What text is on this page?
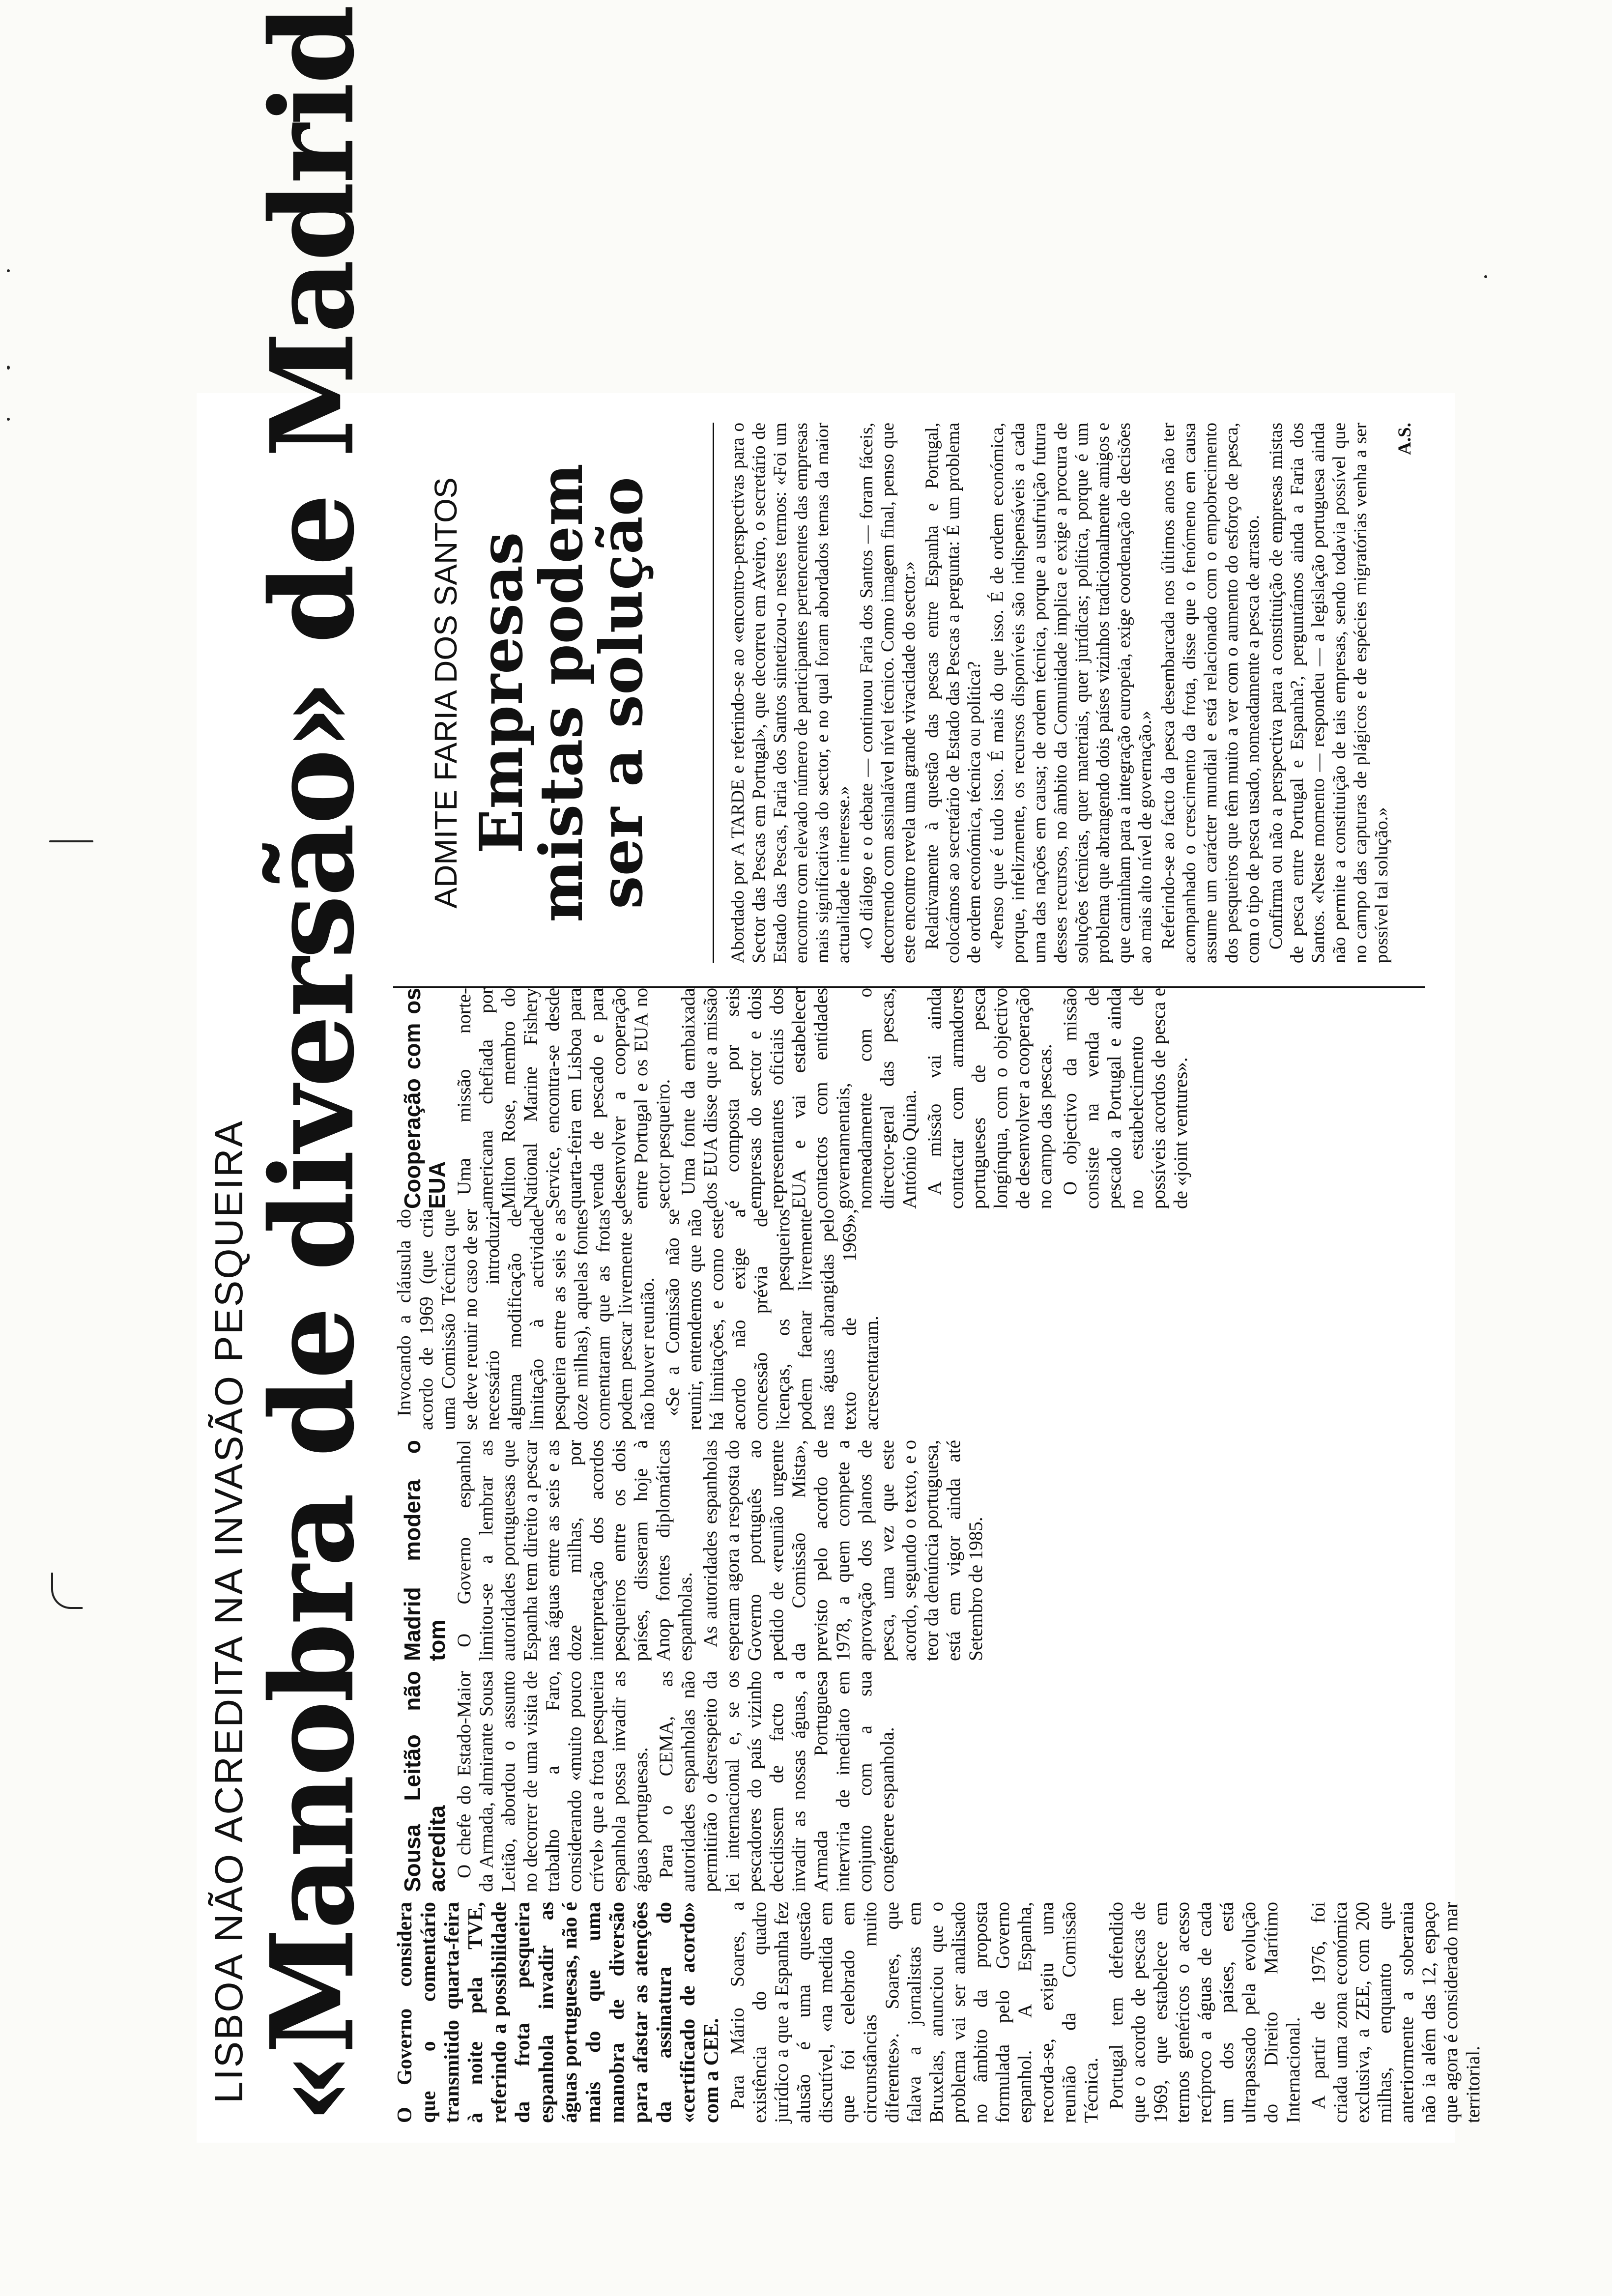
LISBOA NÃO ACREDITA NA INVASÃO PESQUEIRA
«Manobra de diversão» de Madrid O Governo considera que o comentário transmitido quarta-feira à noite pela TVE, referindo a possibilidade da frota pesqueira espanhola invadir as águas portuguesas, não é mais do que uma manobra de diversão para afastar as atenções da assinatura do «certificado de acordo» com a CEE. Para Mário Soares, a existência do quadro jurídico a que a Espanha fez alusão é uma questão discutível, «na medida em que foi celebrado em circunstâncias muito diferentes». Soares, que falava a jornalistas em Bruxelas, anunciou que o problema vai ser analisado no âmbito da proposta formulada pelo Governo espanhol. A Espanha, recorda-se, exigiu uma reunião da Comissão Técnica. Portugal tem defendido que o acordo de pescas de 1969, que estabelece em termos genéricos o acesso recíproco a águas de cada um dos países, está ultrapassado pela evolução do Direito Marítimo Internacional. A partir de 1976, foi criada uma zona económica exclusiva, a ZEE, com 200 milhas, enquanto que anteriormente a soberania não ia além das 12, espaço que agora é considerado mar territorial.

Sousa Leitão não acredita O chefe do Estado-Maior da Armada, almirante Sousa Leitão, abordou o assunto no decorrer de uma visita de trabalho a Faro, considerando «muito pouco crível» que a frota pesqueira espanhola possa invadir as águas portuguesas. Para o CEMA, as autoridades espanholas não permitirão o desrespeito da lei internacional e, se os pescadores do país vizinho decidissem de facto a invadir as nossas águas, a Armada Portuguesa interviria de imediato em conjunto com a sua congénere espanhola.

Madrid modera o tom O Governo espanhol limitou-se a lembrar as autoridades portuguesas que Espanha tem direito a pescar nas águas entre as seis e as doze milhas, por interpretação dos acordos pesqueiros entre os dois países, disseram hoje à Anop fontes diplomáticas espanholas. As autoridades espanholas esperam agora a resposta do Governo português ao pedido de «reunião urgente da Comissão Mista», previsto pelo acordo de 1978, a quem compete a aprovação dos planos de pesca, uma vez que este acordo, segundo o texto, e o teor da denúncia portuguesa, está em vigor ainda até Setembro de 1985.

Invocando a cláusula do acordo de 1969 (que cria uma Comissão Técnica que se deve reunir no caso de ser necessário introduzir alguma modificação de limitação à actividade pesqueira entre as seis e as doze milhas), aquelas fontes comentaram que as frotas podem pescar livremente se não houver reunião. «Se a Comissão não se reunir, entendemos que não há limitações, e como este acordo não exige a concessão prévia de licenças, os pesqueiros podem faenar livremente nas águas abrangidas pelo texto de 1969», acrescentaram.

Cooperação com os EUA Uma missão norte-americana chefiada por Milton Rose, membro do National Marine Fishery Service, encontra-se desde quarta-feira em Lisboa para venda de pescado e para desenvolver a cooperação entre Portugal e os EUA no sector pesqueiro. Uma fonte da embaixada dos EUA disse que a missão é composta por seis empresas do sector e dois representantes oficiais dos EUA e vai estabelecer contactos com entidades governamentais, nomeadamente com o director-geral das pescas, António Quina. A missão vai ainda contactar com armadores portugueses de pesca longínqua, com o objectivo de desenvolver a cooperação no campo das pescas. O objectivo da missão consiste na venda de pescado a Portugal e ainda no estabelecimento de possíveis acordos de pesca e de «joint ventures».

ADMITE FARIA DOS SANTOS Empresas mistas podem ser a solução	Abordado por A TARDE e referindo-se ao «encontro-perspectivas para o Sector das Pescas em Portugal», que decorreu em Aveiro, o secretário de Estado das Pescas, Faria dos Santos sintetizou-o nestes termos: «Foi um encontro com elevado número de participantes pertencentes das empresas mais significativas do sector, e no qual foram abordados temas da maior actualidade e interesse.» «O diálogo e o debate — continuou Faria dos Santos — foram fáceis, decorrendo com assinalável nível técnico. Como imagem final, penso que este encontro revela uma grande vivacidade do sector.» Relativamente à questão das pescas entre Espanha e Portugal, colocámos ao secretário de Estado das Pescas a pergunta: É um problema de ordem económica, técnica ou política? «Penso que é tudo isso. É mais do que isso. É de ordem económica, porque, infelizmente, os recursos disponíveis são indispensáveis a cada uma das nações em causa; de ordem técnica, porque a usufruição futura desses recursos, no âmbito da Comunidade implica e exige a procura de soluções técnicas, quer materiais, quer jurídicas; política, porque é um problema que abrangendo dois países vizinhos tradicionalmente amigos e que caminham para a integração europeia, exige coordenação de decisões ao mais alto nível de governação.» Referindo-se ao facto da pesca desembarcada nos últimos anos não ter acompanhado o crescimento da frota, disse que o fenómeno em causa assume um carácter mundial e está relacionado com o empobrecimento dos pesqueiros que têm muito a ver com o aumento do esforço de pesca, com o tipo de pesca usado, nomeadamente a pesca de arrasto. Confirma ou não a perspectiva para a constituição de empresas mistas de pesca entre Portugal e Espanha?, perguntámos ainda a Faria dos Santos. «Neste momento — respondeu — a legislação portuguesa ainda não permite a constituição de tais empresas, sendo todavia possível que no campo das capturas de plágicos e de espécies migratórias venha a ser possível tal solução.»

A.S.
